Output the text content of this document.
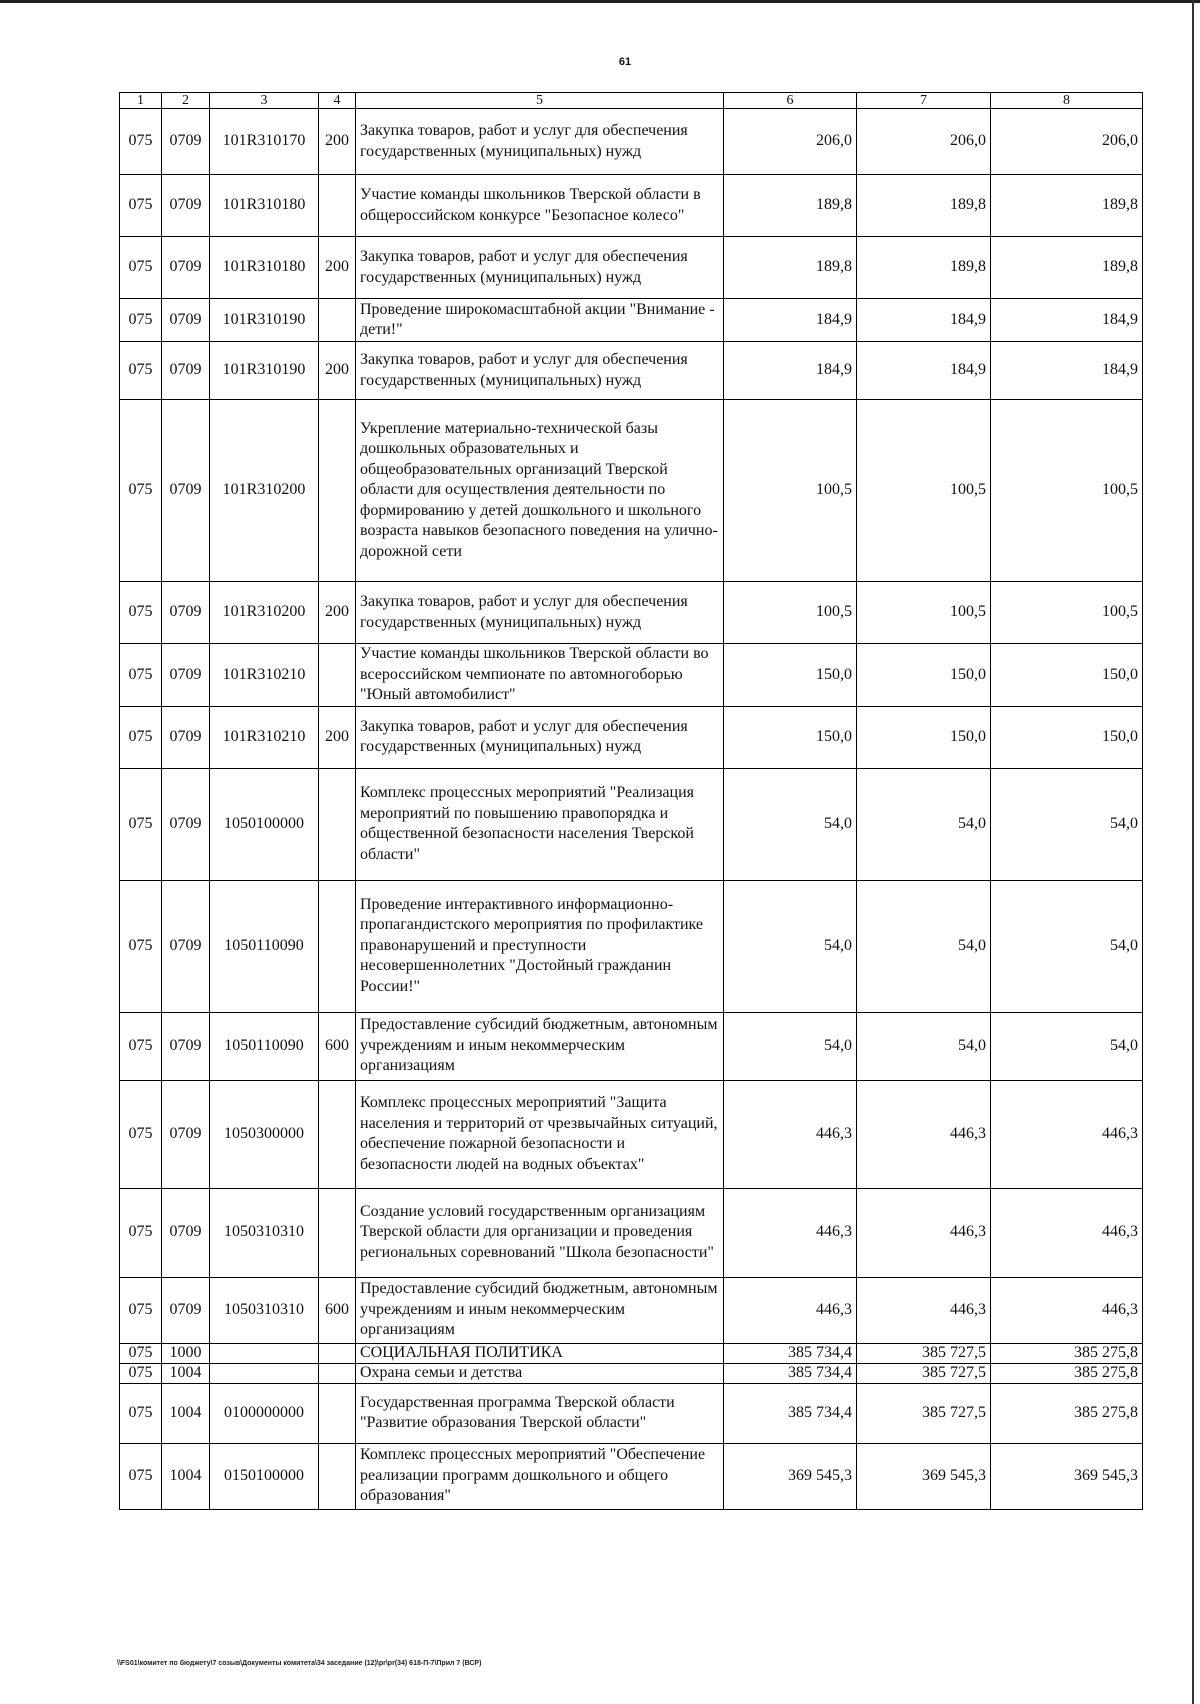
61
1	2	3	4	5	6	7	8
075	0709	101R310170	200	Закупка товаров, работ и услуг для обеспечения государственных (муниципальных) нужд	206,0	206,0	206,0
075	0709	101R310180		Участие команды школьников Тверской области в общероссийском конкурсе "Безопасное колесо"	189,8	189,8	189,8
075	0709	101R310180	200	Закупка товаров, работ и услуг для обеспечения государственных (муниципальных) нужд	189,8	189,8	189,8
075	0709	101R310190		Проведение широкомасштабной акции "Внимание - дети!"	184,9	184,9	184,9
075	0709	101R310190	200	Закупка товаров, работ и услуг для обеспечения государственных (муниципальных) нужд	184,9	184,9	184,9
075	0709	101R310200		Укрепление материально-технической базы дошкольных образовательных и общеобразовательных организаций Тверской области для осуществления деятельности по формированию у детей дошкольного и школьного возраста навыков безопасного поведения на улично-дорожной сети	100,5	100,5	100,5
075	0709	101R310200	200	Закупка товаров, работ и услуг для обеспечения государственных (муниципальных) нужд	100,5	100,5	100,5
075	0709	101R310210		Участие команды школьников Тверской области во всероссийском чемпионате по автомногоборью "Юный автомобилист"	150,0	150,0	150,0
075	0709	101R310210	200	Закупка товаров, работ и услуг для обеспечения государственных (муниципальных) нужд	150,0	150,0	150,0
075	0709	1050100000		Комплекс процессных мероприятий "Реализация мероприятий по повышению правопорядка и общественной безопасности населения Тверской области"	54,0	54,0	54,0
075	0709	1050110090		Проведение интерактивного информационно-пропагандистского мероприятия по профилактике правонарушений и преступности несовершеннолетних "Достойный гражданин России!"	54,0	54,0	54,0
075	0709	1050110090	600	Предоставление субсидий бюджетным, автономным учреждениям и иным некоммерческим организациям	54,0	54,0	54,0
075	0709	1050300000		Комплекс процессных мероприятий "Защита населения и территорий от чрезвычайных ситуаций, обеспечение пожарной безопасности и безопасности людей на водных объектах"	446,3	446,3	446,3
075	0709	1050310310		Создание условий государственным организациям Тверской области для организации и проведения региональных соревнований "Школа безопасности"	446,3	446,3	446,3
075	0709	1050310310	600	Предоставление субсидий бюджетным, автономным учреждениям и иным некоммерческим организациям	446,3	446,3	446,3
075	1000			СОЦИАЛЬНАЯ ПОЛИТИКА	385 734,4	385 727,5	385 275,8
075	1004			Охрана семьи и детства	385 734,4	385 727,5	385 275,8
075	1004	0100000000		Государственная программа Тверской области "Развитие образования Тверской области"	385 734,4	385 727,5	385 275,8
075	1004	0150100000		Комплекс процессных мероприятий "Обеспечение реализации программ дошкольного и общего образования"	369 545,3	369 545,3	369 545,3
\\FS01\комитет по бюджету\7 созыв\Документы комитета\34 заседание (12)\pr\pr(34) 618-П-7\Прил 7 (ВСР)
